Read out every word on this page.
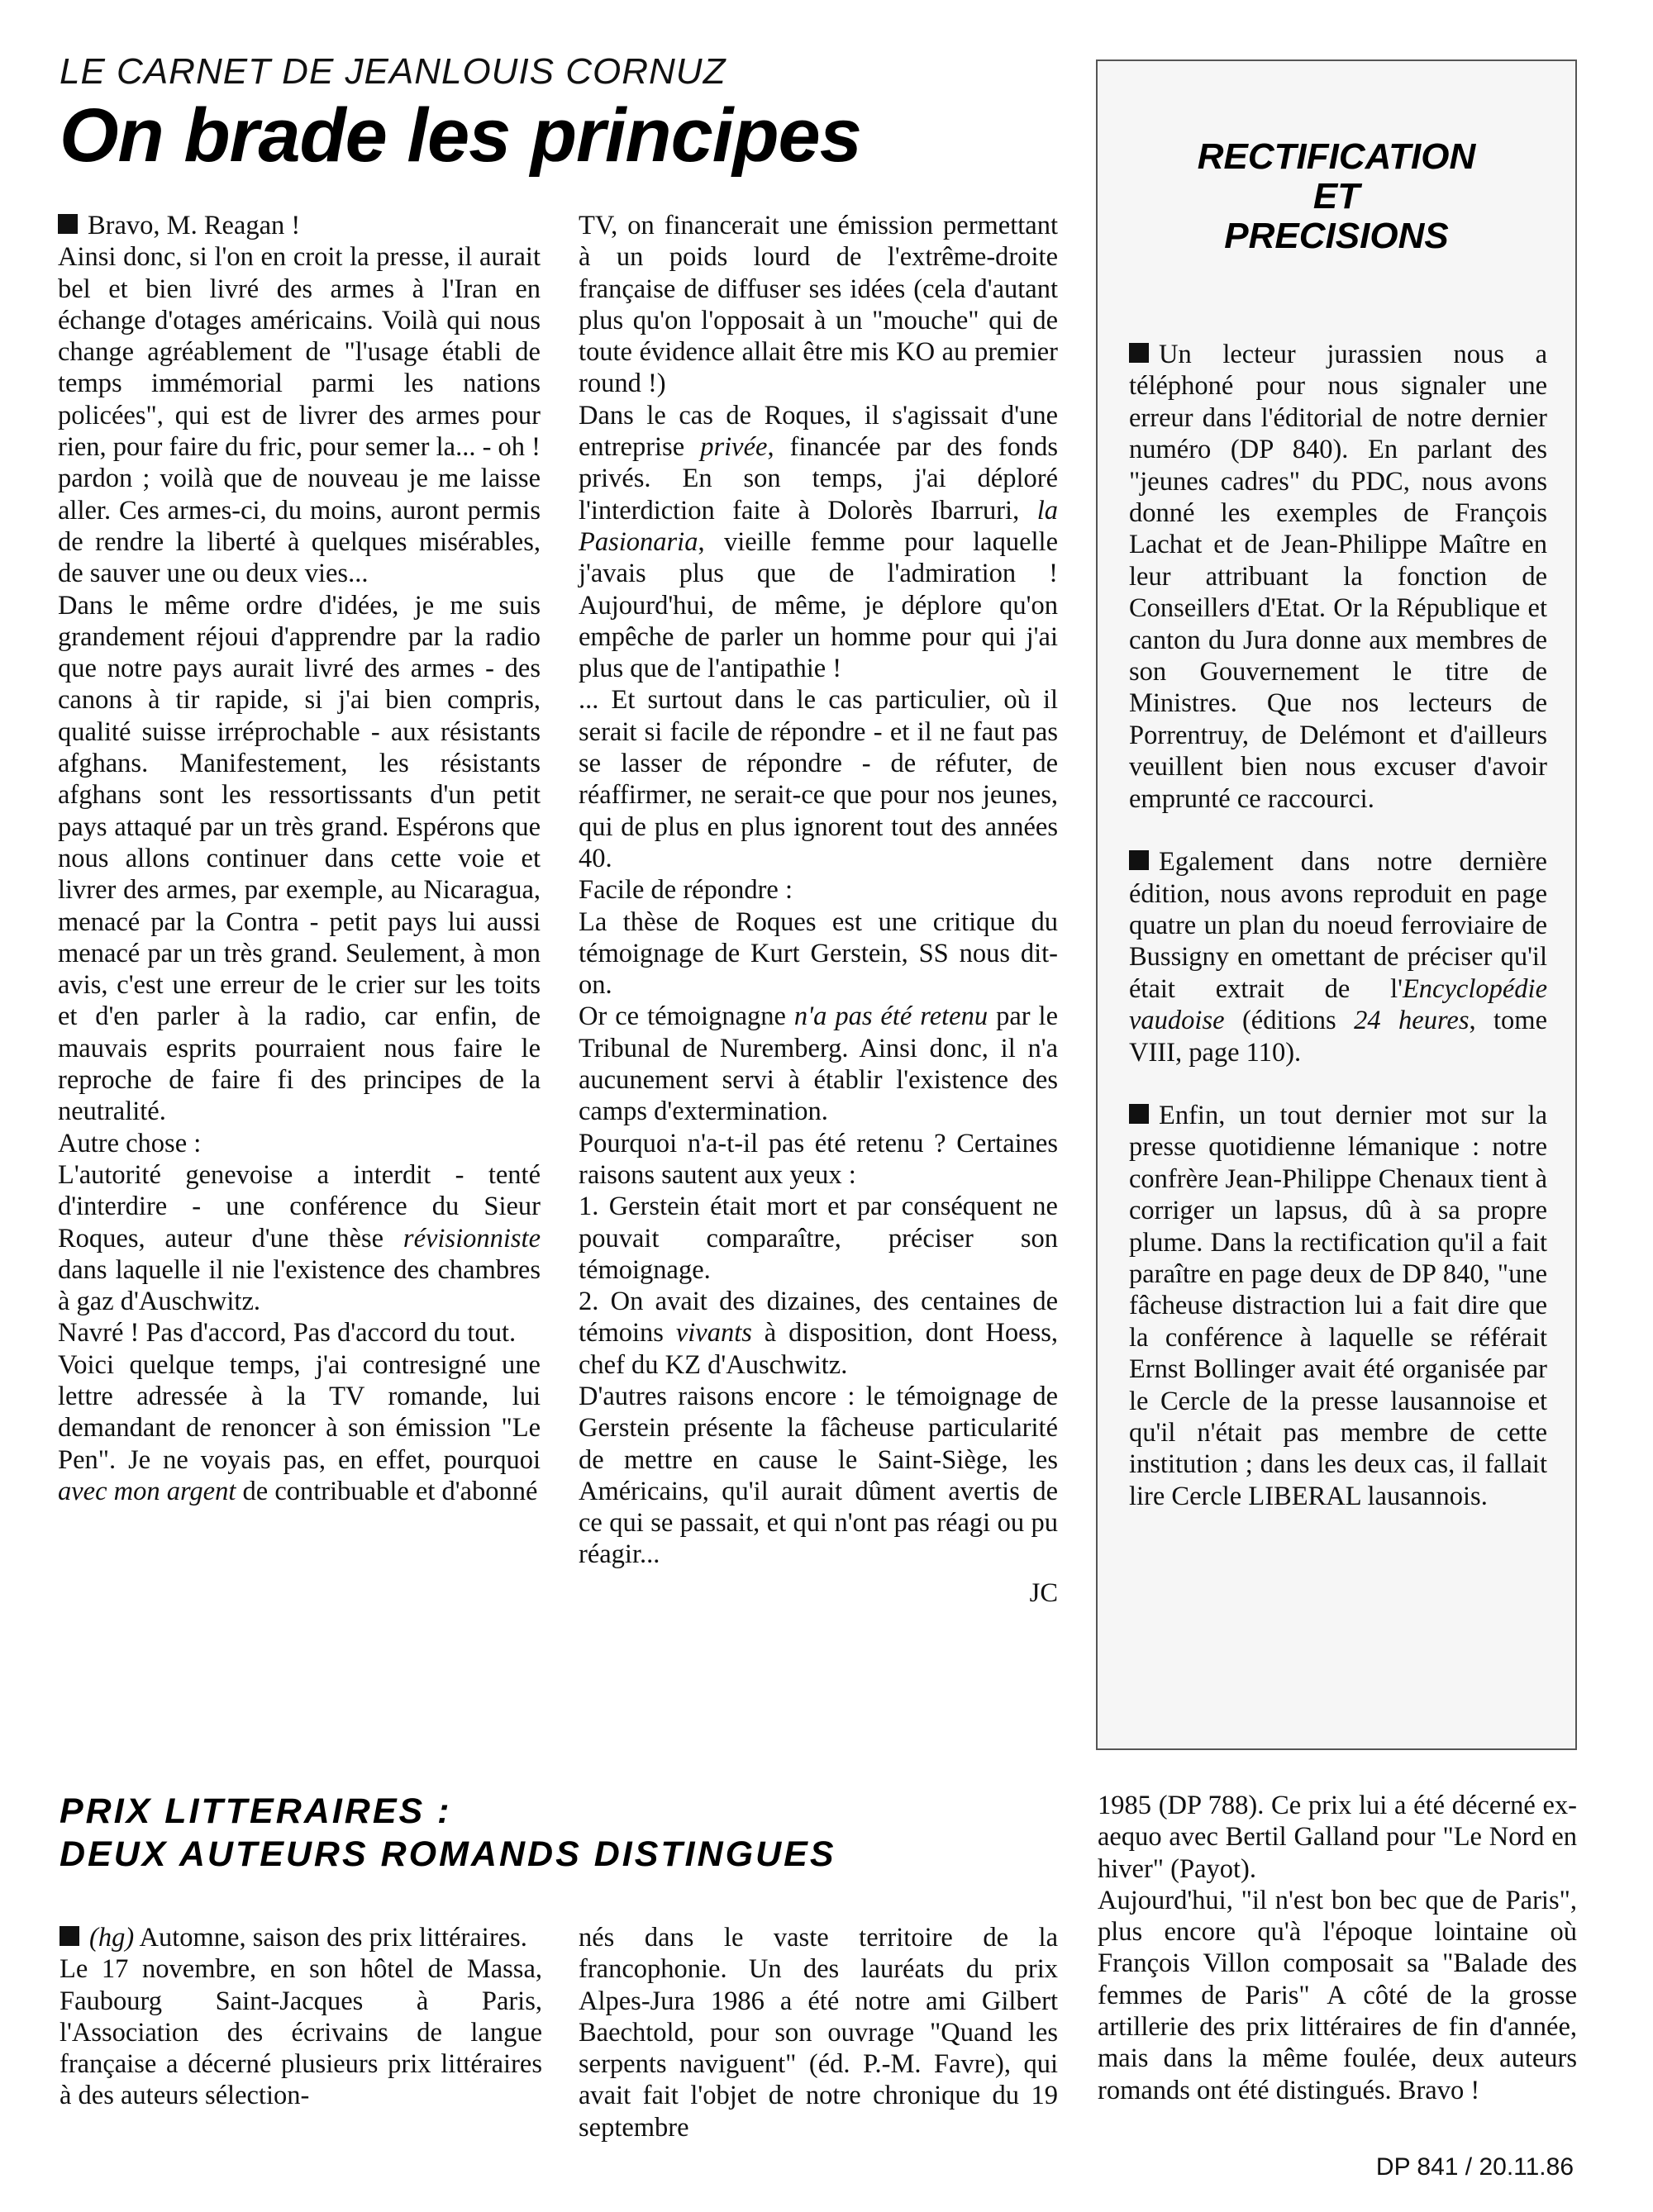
LE CARNET DE JEANLOUIS CORNUZ
On brade les principes

Bravo, M. Reagan !

Ainsi donc, si l'on en croit la presse, il aurait bel et bien livré des armes à l'Iran en échange d'otages américains. Voilà qui nous change agréablement de "l'usage établi de temps immémorial parmi les nations policées", qui est de livrer des armes pour rien, pour faire du fric, pour semer la... - oh ! pardon ; voilà que de nouveau je me laisse aller. Ces armes-ci, du moins, auront permis de rendre la liberté à quelques misérables, de sauver une ou deux vies...

Dans le même ordre d'idées, je me suis grandement réjoui d'apprendre par la radio que notre pays aurait livré des armes - des canons à tir rapide, si j'ai bien compris, qualité suisse irréprochable - aux résistants afghans. Manifestement, les résistants afghans sont les ressortissants d'un petit pays attaqué par un très grand. Espérons que nous allons continuer dans cette voie et livrer des armes, par exemple, au Nicaragua, menacé par la Contra - petit pays lui aussi menacé par un très grand. Seulement, à mon avis, c'est une erreur de le crier sur les toits et d'en parler à la radio, car enfin, de mauvais esprits pourraient nous faire le reproche de faire fi des principes de la neutralité.

Autre chose :

L'autorité genevoise a interdit - tenté d'interdire - une conférence du Sieur Roques, auteur d'une thèse révisionniste dans laquelle il nie l'existence des chambres à gaz d'Auschwitz.

Navré ! Pas d'accord, Pas d'accord du tout.

Voici quelque temps, j'ai contresigné une lettre adressée à la TV romande, lui demandant de renoncer à son émission "Le Pen". Je ne voyais pas, en effet, pourquoi avec mon argent de contribuable et d'abonné

TV, on financerait une émission permettant à un poids lourd de l'extrême-droite française de diffuser ses idées (cela d'autant plus qu'on l'opposait à un "mouche" qui de toute évidence allait être mis KO au premier round !)

Dans le cas de Roques, il s'agissait d'une entreprise privée, financée par des fonds privés. En son temps, j'ai déploré l'interdiction faite à Dolorès Ibarruri, la Pasionaria, vieille femme pour laquelle j'avais plus que de l'admiration ! Aujourd'hui, de même, je déplore qu'on empêche de parler un homme pour qui j'ai plus que de l'antipathie !

... Et surtout dans le cas particulier, où il serait si facile de répondre - et il ne faut pas se lasser de répondre - de réfuter, de réaffirmer, ne serait-ce que pour nos jeunes, qui de plus en plus ignorent tout des années 40.

Facile de répondre :

La thèse de Roques est une critique du témoignage de Kurt Gerstein, SS nous dit-on.

Or ce témoignagne n'a pas été retenu par le Tribunal de Nuremberg. Ainsi donc, il n'a aucunement servi à établir l'existence des camps d'extermination.

Pourquoi n'a-t-il pas été retenu ? Certaines raisons sautent aux yeux :

1. Gerstein était mort et par conséquent ne pouvait comparaître, préciser son témoignage.

2. On avait des dizaines, des centaines de témoins vivants à disposition, dont Hoess, chef du KZ d'Auschwitz.

D'autres raisons encore : le témoignage de Gerstein présente la fâcheuse particularité de mettre en cause le Saint-Siège, les Américains, qu'il aurait dûment avertis de ce qui se passait, et qui n'ont pas réagi ou pu réagir...

JC

RECTIFICATION
ET
PRECISIONS

Un lecteur jurassien nous a téléphoné pour nous signaler une erreur dans l'éditorial de notre dernier numéro (DP 840). En parlant des "jeunes cadres" du PDC, nous avons donné les exemples de François Lachat et de Jean-Philippe Maître en leur attribuant la fonction de Conseillers d'Etat. Or la République et canton du Jura donne aux membres de son Gouvernement le titre de Ministres. Que nos lecteurs de Porrentruy, de Delémont et d'ailleurs veuillent bien nous excuser d'avoir emprunté ce raccourci.

Egalement dans notre dernière édition, nous avons reproduit en page quatre un plan du noeud ferroviaire de Bussigny en omettant de préciser qu'il était extrait de l'Encyclopédie vaudoise (éditions 24 heures, tome VIII, page 110).

Enfin, un tout dernier mot sur la presse quotidienne lémanique : notre confrère Jean-Philippe Chenaux tient à corriger un lapsus, dû à sa propre plume. Dans la rectification qu'il a fait paraître en page deux de DP 840, "une fâcheuse distraction lui a fait dire que la conférence à laquelle se référait Ernst Bollinger avait été organisée par le Cercle de la presse lausannoise et qu'il n'était pas membre de cette institution ; dans les deux cas, il fallait lire Cercle LIBERAL lausannois.

PRIX LITTERAIRES :
DEUX AUTEURS ROMANDS DISTINGUES

(hg) Automne, saison des prix littéraires.

Le 17 novembre, en son hôtel de Massa, Faubourg Saint-Jacques à Paris, l'Association des écrivains de langue française a décerné plusieurs prix littéraires à des auteurs sélection-

nés dans le vaste territoire de la francophonie. Un des lauréats du prix Alpes-Jura 1986 a été notre ami Gilbert Baechtold, pour son ouvrage "Quand les serpents naviguent" (éd. P.-M. Favre), qui avait fait l'objet de notre chronique du 19 septembre

1985 (DP 788). Ce prix lui a été décerné ex-aequo avec Bertil Galland pour "Le Nord en hiver" (Payot).

Aujourd'hui, "il n'est bon bec que de Paris", plus encore qu'à l'époque lointaine où François Villon composait sa "Balade des femmes de Paris" A côté de la grosse artillerie des prix littéraires de fin d'année, mais dans la même foulée, deux auteurs romands ont été distingués. Bravo !

DP 841 / 20.11.86
